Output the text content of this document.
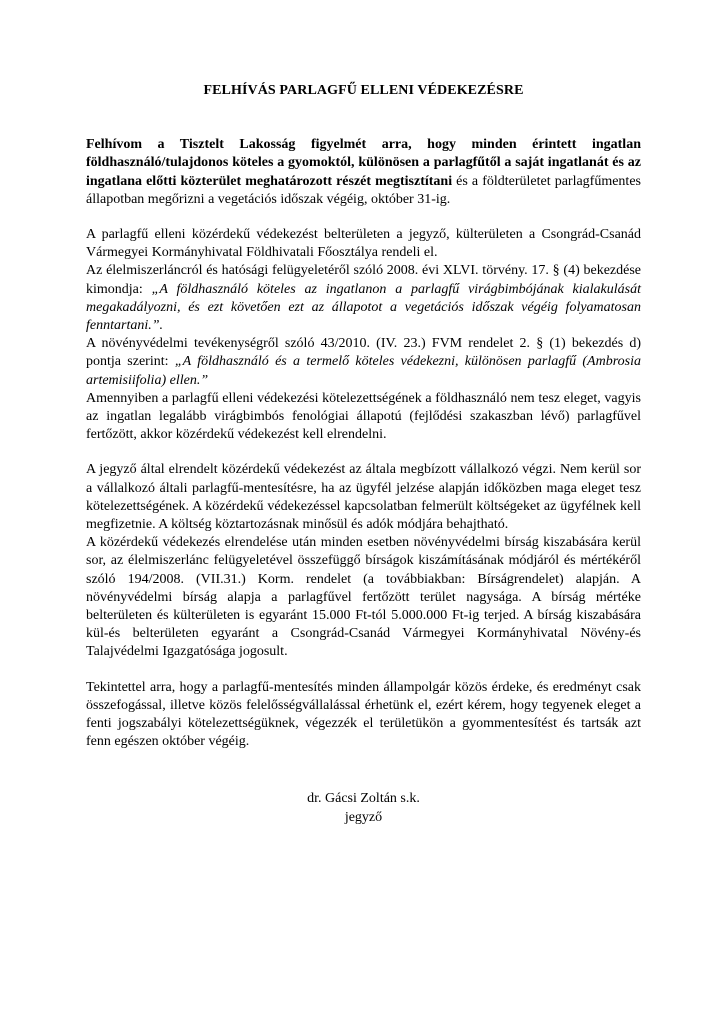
FELHÍVÁS PARLAGFŰ ELLENI VÉDEKEZÉSRE

Felhívom a Tisztelt Lakosság figyelmét arra, hogy minden érintett ingatlan földhasználó/tulajdonos köteles a gyomoktól, különösen a parlagfűtől a saját ingatlanát és az ingatlana előtti közterület meghatározott részét megtisztítani és a földterületet parlagfűmentes állapotban megőrizni a vegetációs időszak végéig, október 31-ig.

A parlagfű elleni közérdekű védekezést belterületen a jegyző, külterületen a Csongrád-Csanád Vármegyei Kormányhivatal Földhivatali Főosztálya rendeli el.

Az élelmiszerláncról és hatósági felügyeletéről szóló 2008. évi XLVI. törvény. 17. § (4) bekezdése kimondja: „A földhasználó köteles az ingatlanon a parlagfű virágbimbójának kialakulását megakadályozni, és ezt követően ezt az állapotot a vegetációs időszak végéig folyamatosan fenntartani.”.

A növényvédelmi tevékenységről szóló 43/2010. (IV. 23.) FVM rendelet 2. § (1) bekezdés d) pontja szerint: „A földhasználó és a termelő köteles védekezni, különösen parlagfű (Ambrosia artemisiifolia) ellen.”

Amennyiben a parlagfű elleni védekezési kötelezettségének a földhasználó nem tesz eleget, vagyis az ingatlan legalább virágbimbós fenológiai állapotú (fejlődési szakaszban lévő) parlagfűvel fertőzött, akkor közérdekű védekezést kell elrendelni.

A jegyző által elrendelt közérdekű védekezést az általa megbízott vállalkozó végzi. Nem kerül sor a vállalkozó általi parlagfű-mentesítésre, ha az ügyfél jelzése alapján időközben maga eleget tesz kötelezettségének. A közérdekű védekezéssel kapcsolatban felmerült költségeket az ügyfélnek kell megfizetnie. A költség köztartozásnak minősül és adók módjára behajtható.

A közérdekű védekezés elrendelése után minden esetben növényvédelmi bírság kiszabására kerül sor, az élelmiszerlánc felügyeletével összefüggő bírságok kiszámításának módjáról és mértékéről szóló 194/2008. (VII.31.) Korm. rendelet (a továbbiakban: Bírságrendelet) alapján. A növényvédelmi bírság alapja a parlagfűvel fertőzött terület nagysága. A bírság mértéke belterületen és külterületen is egyaránt 15.000 Ft-tól 5.000.000 Ft-ig terjed. A bírság kiszabására kül-és belterületen egyaránt a Csongrád-Csanád Vármegyei Kormányhivatal Növény-és Talajvédelmi Igazgatósága jogosult.

Tekintettel arra, hogy a parlagfű-mentesítés minden állampolgár közös érdeke, és eredményt csak összefogással, illetve közös felelősségvállalással érhetünk el, ezért kérem, hogy tegyenek eleget a fenti jogszabályi kötelezettségüknek, végezzék el területükön a gyommentesítést és tartsák azt fenn egészen október végéig.

dr. Gácsi Zoltán s.k.
jegyző
